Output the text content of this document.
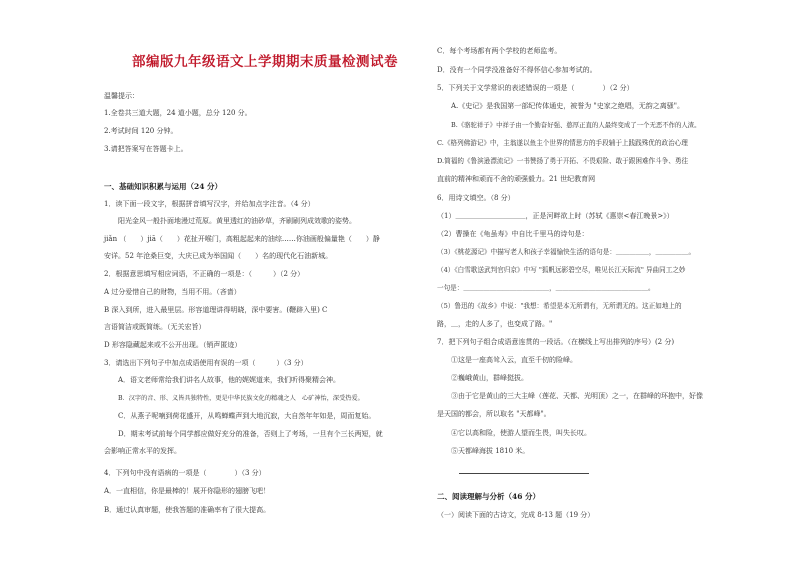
部编版九年级语文上学期期末质量检测试卷
温馨提示：
1.全卷共三道大题，24 道小题，总分 120 分。
2.考试时间 120 分钟。
3.请把答案写在答题卡上。
一、基础知识积累与运用（24 分）
1．读下面一段文字，根据拼音填写汉字，并给加点字注音。（4 分）
阳光金风一般扑面地漫过荒原。黄里透红的油砂草，齐刷刷列成效歌的姿势。
jiǎn （　　）jiā（　　）花扯开喉门，高粗起起来的油综……你油画般偏量艳（　　）静
安详。52 年沧桑巨变，大庆已成为举国闻（　　）名的现代化石油新城。
2．根据意思填写相应词语，不正确的一项是：（　　　）（2 分）
A 过分爱惜自己的财物，当用不用。（吝啬）
B 深入到所，进入最里层。形容道理讲得明晓，深中要害。(鞭辟入里) C
言语简洁或既简练。（无关宏旨）
D 形容隐藏起来或不公开出现。（销声匿迹）
3．请选出下列句子中加点成语使用有误的一项（　　　）（3 分）
A．语文老师常给我们讲名人故事，他的娓娓道来，我们听得聚精会神。
B．汉字的音、形、义皆具独特性，更是中华民族文化的精魂之人　心矿神怡，深受热爱。
C．从燕子呢喃到荷花盛开，从鸣蝉蝶声到大地沉寂，大自然年年如是，周而复始。
D．期末考试前每个同学都应做好充分的准备，否则上了考场，一旦有个三长两短，就
会影响正常水平的发挥。
4．下列句中没有语病的一项是（　　　　）（3 分）
A．一直相信，你是最棒的！展开你隐形的翅膀飞吧！
B．通过认真审题，使我答题的准确率有了很大提高。
C．每个考场都有两个学校的老师监考。
D．没有一个同学没准备好不得怀信心参加考试的。
5．下列关于文学常识的表述错误的一项是（　　　　）（2 分）
A.《史记》是我国第一部纪传体通史，被誉为 "史家之绝唱，无韵之离骚"。
B.《骆驼祥子》中祥子由一个勤奋好强、憨厚正直的人最终变成了一个无恶不作的人渣。
C.《格列佛游记》中，主翁遂以鱼主个世界的情思方的手段辅于上践践殊优的政治心理
D.简福的《鲁滨逊漂流记》一书赞扬了勇于开拓、不畏艰险、敢于跟困难作斗争、勇往
直前的精神和顽而不舍的顽强毅力。21 世纪教育网
6．用诗文填空。（8 分）
（1）＿＿＿＿＿＿＿＿＿＿，正是河畔欲上时（苏轼《惠崇<春江晚景>》）
（2）曹操在《龟虽寿》中自比千里马的诗句是：
（3）《桃花源记》中描写老人和孩子幸福愉快生活的语句是：＿＿＿＿＿，＿＿＿＿＿。
（4）《白雪歌送武判官归京》中写 "狐帆远影碧空尽，唯见长江天际流" 异曲同工之妙
一句是：＿＿＿＿＿＿＿＿＿＿＿＿＿，＿＿＿＿＿＿＿＿＿＿＿＿＿＿。
（5）鲁迅的《故乡》中说："我想：希望是本无所谓有，无所谓无的。这正如地上的
路，＿，走的人多了，也变成了路。"
7．把下列句子组合成语意连贯的一段话。（在横线上写出排列的序号）(2 分)
①这是一座高耸入云，直至千仞的险峰。
②巍峨黄山，群峰挺拔。
③由于它是黄山的三大主峰（莲花、天都、光明顶）之一，在群峰的环抱中，好像
是天国的都会，所以取名 "天都峰"。
④它以高和险，使游人望而生畏，叫失长叹。
⑤天都峰海拔 1810 米。
二、阅读理解与分析（46 分）
（一）阅读下面的古诗文，完成 8-13 题（19 分）
